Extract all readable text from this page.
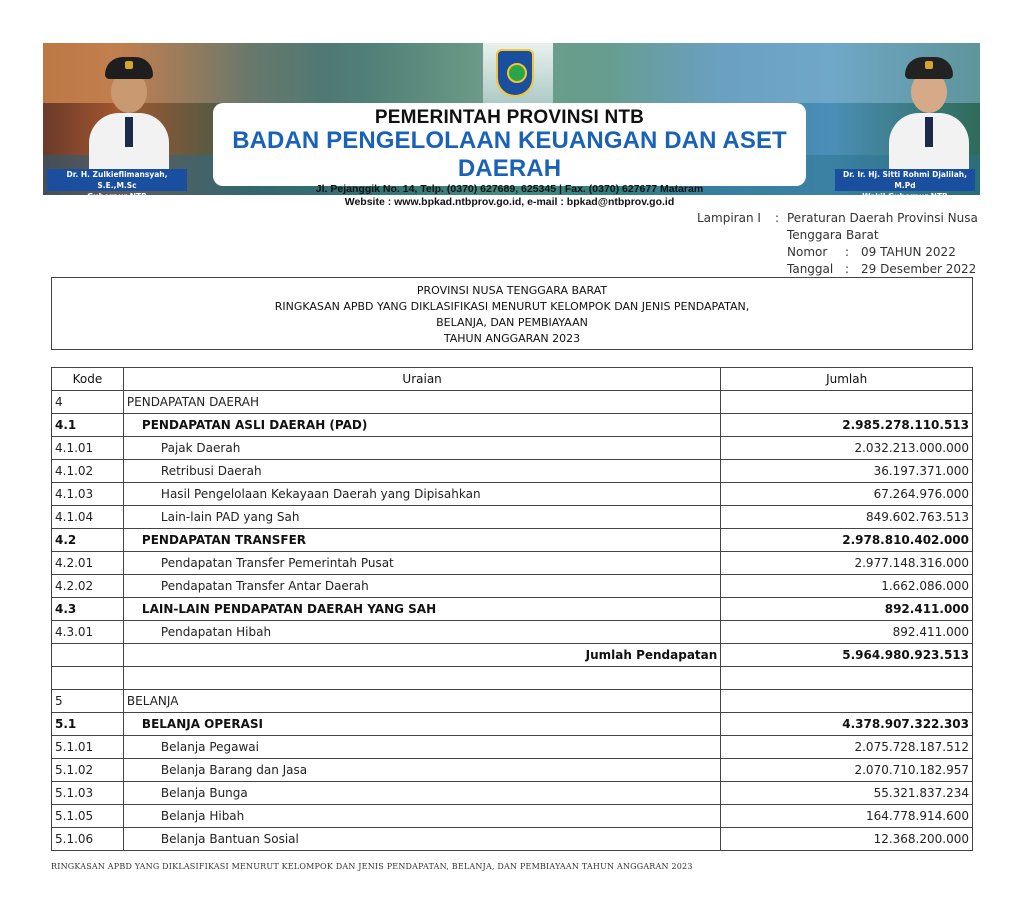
Dr. H. Zulkieflimansyah, S.E.,M.Sc
Gubernur NTB
Dr. Ir. Hj. Sitti Rohmi Djalilah, M.Pd
Wakil Gubernur NTB
PEMERINTAH PROVINSI NTB
BADAN PENGELOLAAN KEUANGAN DAN ASET DAERAH
Jl. Pejanggik No. 14, Telp. (0370) 627689, 625345 | Fax. (0370) 627677 Mataram
Website : www.bpkad.ntbprov.go.id, e-mail : bpkad@ntbprov.go.id
Lampiran I	: Peraturan Daerah Provinsi Nusa
Tenggara Barat
Nomor	: 09 TAHUN 2022
Tanggal : 29 Desember 2022
PROVINSI NUSA TENGGARA BARAT
RINGKASAN APBD YANG DIKLASIFIKASI MENURUT KELOMPOK DAN JENIS PENDAPATAN,
BELANJA, DAN PEMBIAYAAN
TAHUN ANGGARAN 2023
Kode	Uraian	Jumlah
4	PENDAPATAN DAERAH	
4.1	PENDAPATAN ASLI DAERAH (PAD)	2.985.278.110.513
4.1.01	Pajak Daerah	2.032.213.000.000
4.1.02	Retribusi Daerah	36.197.371.000
4.1.03	Hasil Pengelolaan Kekayaan Daerah yang Dipisahkan	67.264.976.000
4.1.04	Lain-lain PAD yang Sah	849.602.763.513
4.2	PENDAPATAN TRANSFER	2.978.810.402.000
4.2.01	Pendapatan Transfer Pemerintah Pusat	2.977.148.316.000
4.2.02	Pendapatan Transfer Antar Daerah	1.662.086.000
4.3	LAIN-LAIN PENDAPATAN DAERAH YANG SAH	892.411.000
4.3.01	Pendapatan Hibah	892.411.000
	Jumlah Pendapatan	5.964.980.923.513

5	BELANJA	
5.1	BELANJA OPERASI	4.378.907.322.303
5.1.01	Belanja Pegawai	2.075.728.187.512
5.1.02	Belanja Barang dan Jasa	2.070.710.182.957
5.1.03	Belanja Bunga	55.321.837.234
5.1.05	Belanja Hibah	164.778.914.600
5.1.06	Belanja Bantuan Sosial	12.368.200.000
RINGKASAN APBD YANG DIKLASIFIKASI MENURUT KELOMPOK DAN JENIS PENDAPATAN, BELANJA, DAN PEMBIAYAAN TAHUN ANGGARAN 2023
